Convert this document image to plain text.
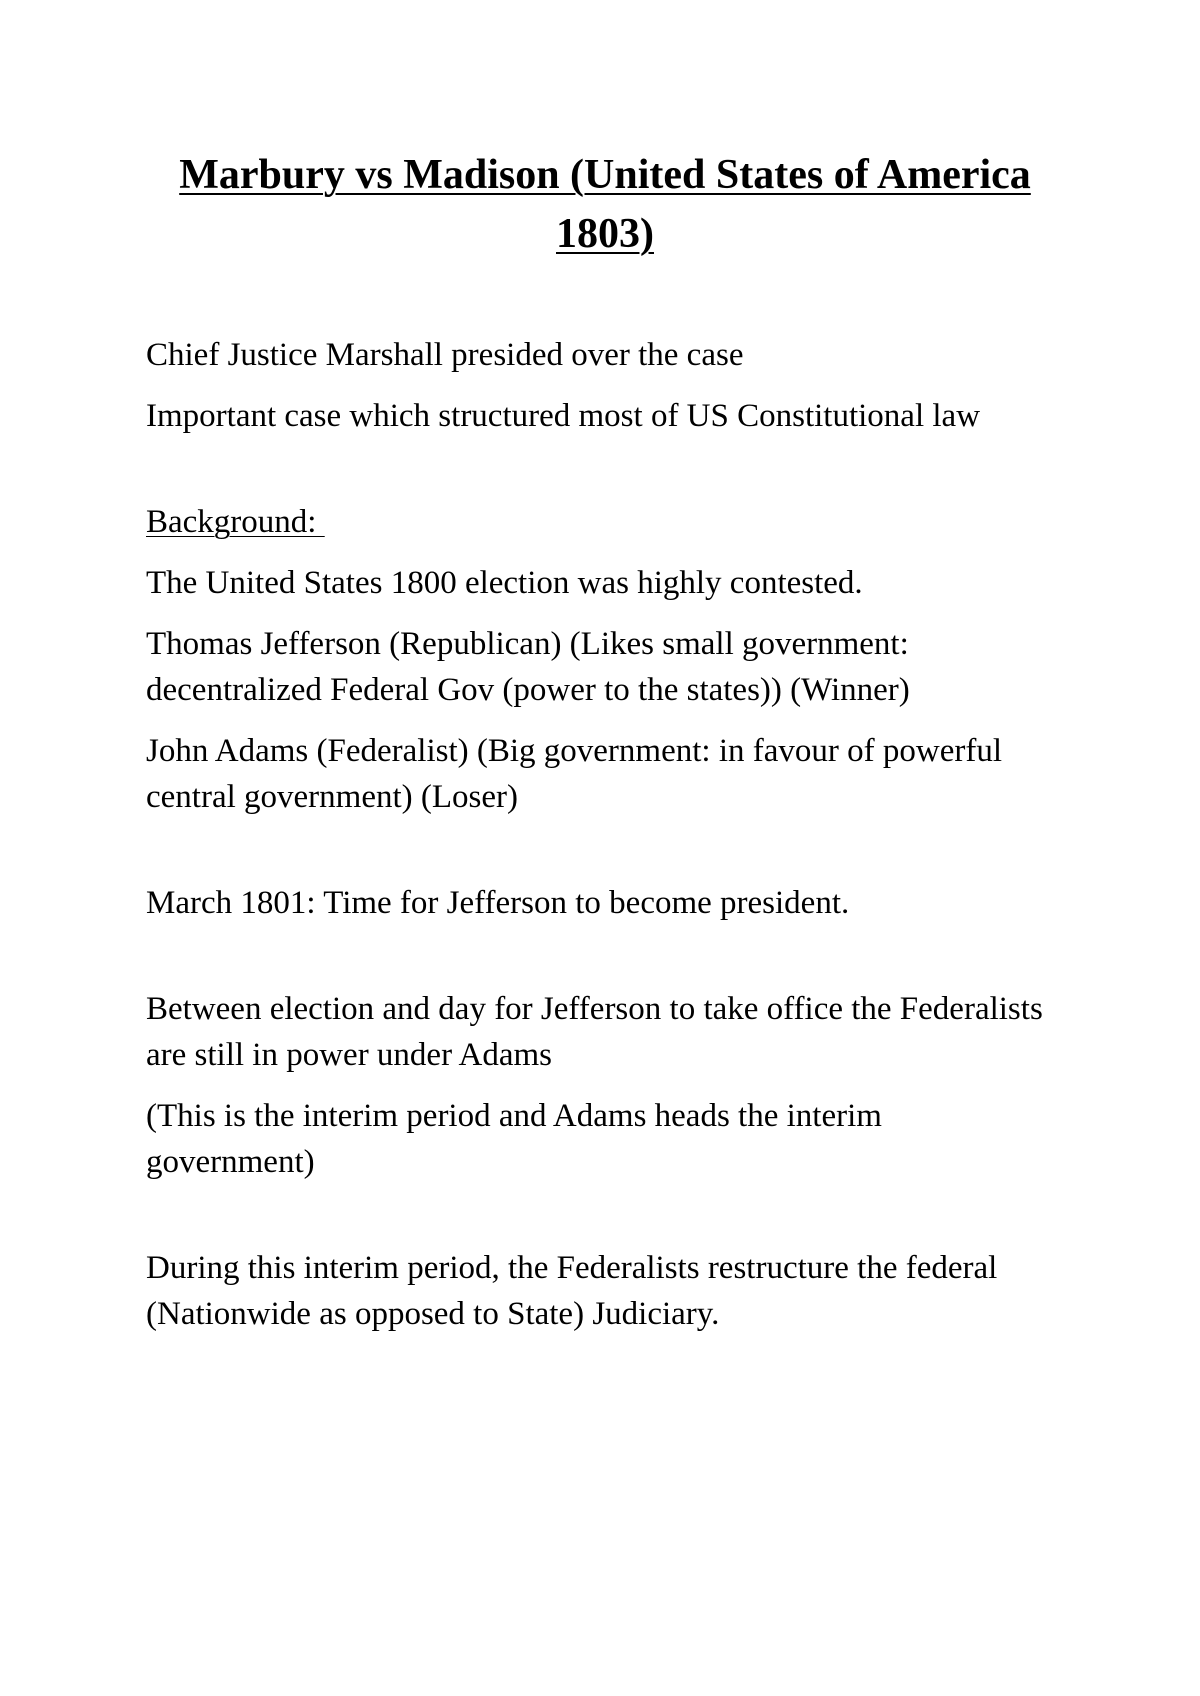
Marbury vs Madison (United States of America 1803)

Chief Justice Marshall presided over the case

Important case which structured most of US Constitutional law

Background:

The United States 1800 election was highly contested.

Thomas Jefferson (Republican) (Likes small government: decentralized Federal Gov (power to the states)) (Winner)

John Adams (Federalist) (Big government: in favour of powerful central government) (Loser)

March 1801: Time for Jefferson to become president.

Between election and day for Jefferson to take office the Federalists are still in power under Adams

(This is the interim period and Adams heads the interim government)

During this interim period, the Federalists restructure the federal (Nationwide as opposed to State) Judiciary.
